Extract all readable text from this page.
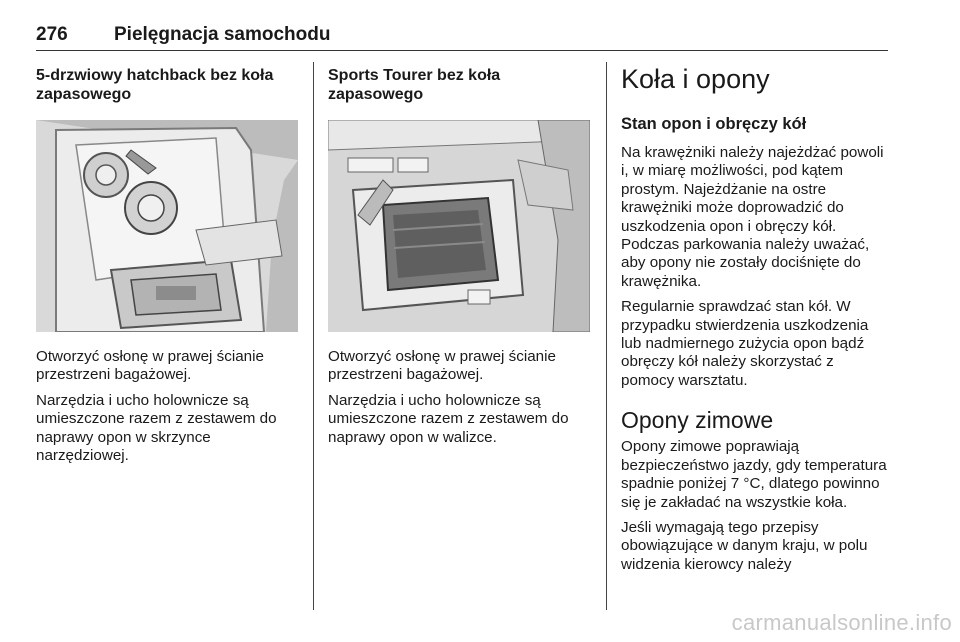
276 Pielęgnacja samochodu
5-drzwiowy hatchback bez koła zapasowego

Otworzyć osłonę w prawej ścianie przestrzeni bagażowej.

Narzędzia i ucho holownicze są umieszczone razem z zestawem do naprawy opon w skrzynce narzędziowej.

Sports Tourer bez koła zapasowego

Otworzyć osłonę w prawej ścianie przestrzeni bagażowej.

Narzędzia i ucho holownicze są umieszczone razem z zestawem do naprawy opon w walizce.

Koła i opony
Stan opon i obręczy kół

Na krawężniki należy najeżdżać powoli i, w miarę możliwości, pod kątem prostym. Najeżdżanie na ostre krawężniki może doprowadzić do uszkodzenia opon i obręczy kół. Podczas parkowania należy uważać, aby opony nie zostały dociśnięte do krawężnika.

Regularnie sprawdzać stan kół. W przypadku stwierdzenia uszkodzenia lub nadmiernego zużycia opon bądź obręczy kół należy skorzystać z pomocy warsztatu.

Opony zimowe

Opony zimowe poprawiają bezpieczeństwo jazdy, gdy temperatura spadnie poniżej 7 °C, dlatego powinno się je zakładać na wszystkie koła.

Jeśli wymagają tego przepisy obowiązujące w danym kraju, w polu widzenia kierowcy należy

carmanualsonline.info
